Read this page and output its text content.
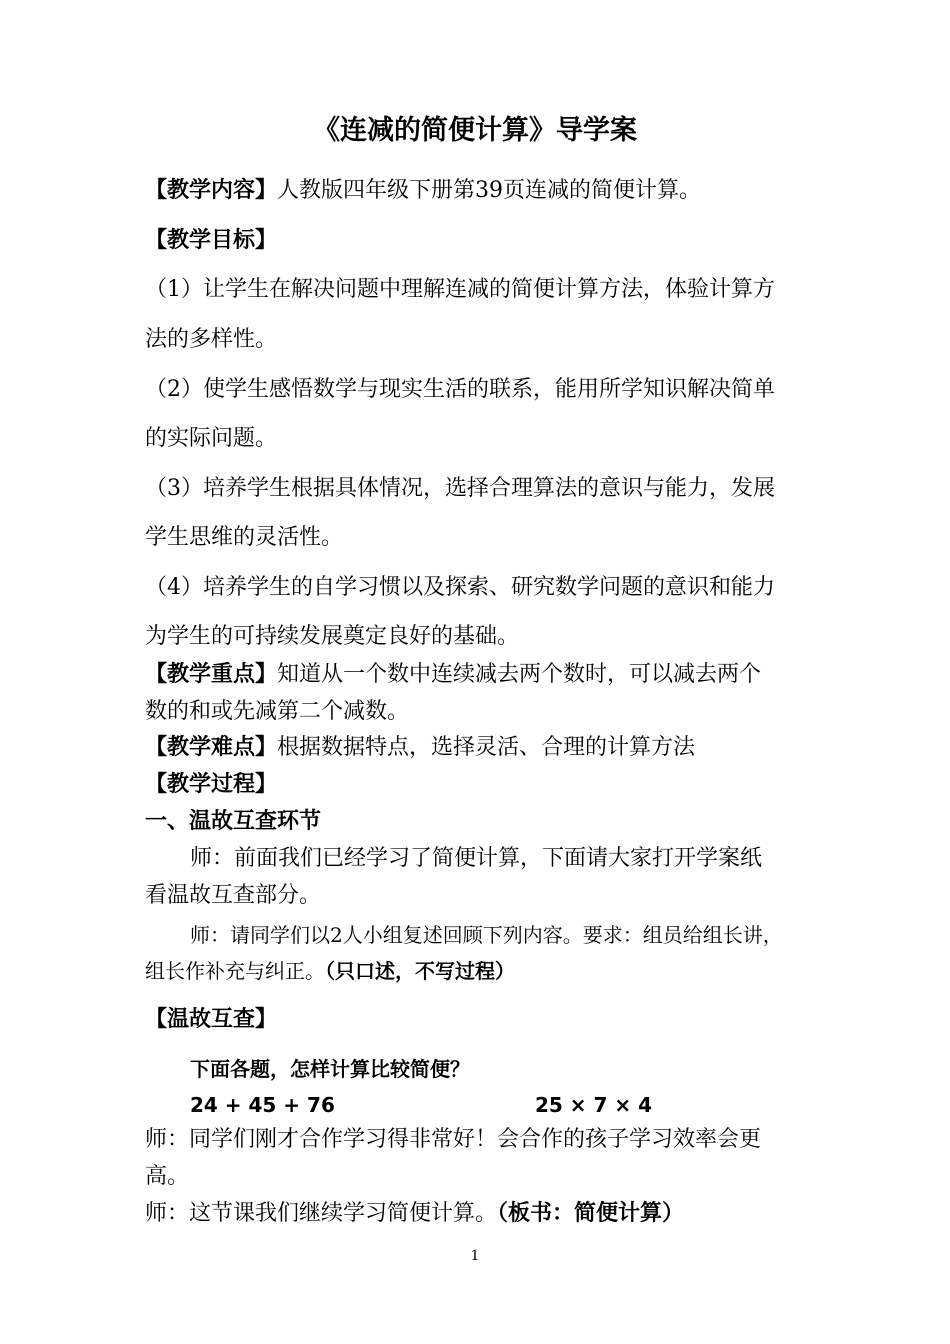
《连减的简便计算》导学案
【教学内容】人教版四年级下册第39页连减的简便计算。
【教学目标】
（1）让学生在解决问题中理解连减的简便计算方法，体验计算方
法的多样性。
（2）使学生感悟数学与现实生活的联系，能用所学知识解决简单
的实际问题。
（3）培养学生根据具体情况，选择合理算法的意识与能力，发展
学生思维的灵活性。
（4）培养学生的自学习惯以及探索、研究数学问题的意识和能力
为学生的可持续发展奠定良好的基础。
【教学重点】知道从一个数中连续减去两个数时，可以减去两个
数的和或先减第二个减数。
【教学难点】根据数据特点，选择灵活、合理的计算方法
【教学过程】
一、温故互查环节
师：前面我们已经学习了简便计算，下面请大家打开学案纸
看温故互查部分。
师：请同学们以2人小组复述回顾下列内容。要求：组员给组长讲，
组长作补充与纠正。（只口述，不写过程）
【温故互查】
下面各题，怎样计算比较简便？
24 + 45 + 76	25 × 7 × 4
师：同学们刚才合作学习得非常好！会合作的孩子学习效率会更
高。
师：这节课我们继续学习简便计算。（板书：简便计算）
1
